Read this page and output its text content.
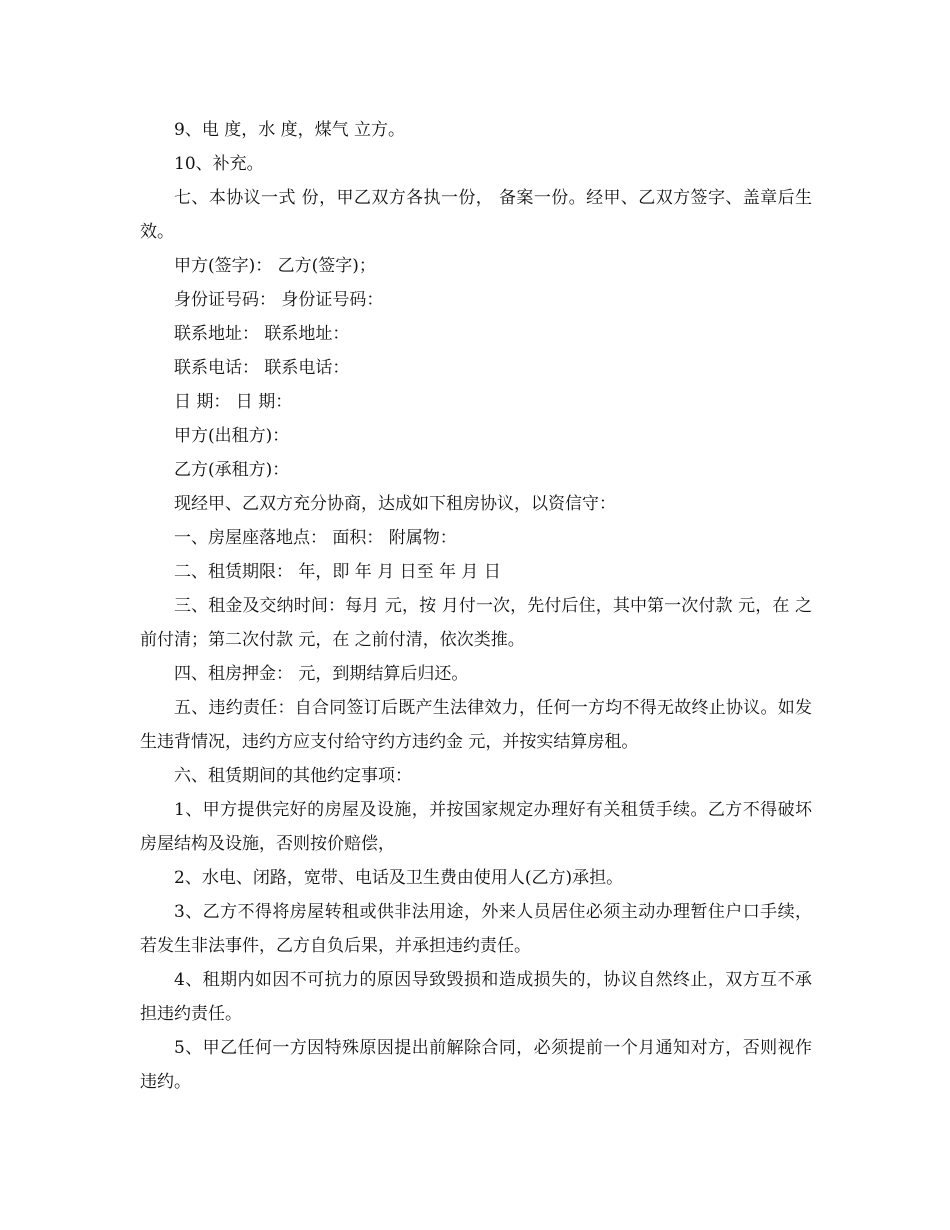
9、电 度，水 度，煤气 立方。

10、补充。

七、本协议一式 份，甲乙双方各执一份， 备案一份。经甲、乙双方签字、盖章后生效。

甲方(签字)： 乙方(签字)；

身份证号码： 身份证号码：

联系地址： 联系地址：

联系电话： 联系电话：

日 期： 日 期：

甲方(出租方)：

乙方(承租方)：

现经甲、乙双方充分协商，达成如下租房协议，以资信守：

一、房屋座落地点： 面积： 附属物：

二、租赁期限： 年，即 年 月 日至 年 月 日

三、租金及交纳时间：每月 元，按 月付一次，先付后住，其中第一次付款 元，在 之前付清；第二次付款 元，在 之前付清，依次类推。

四、租房押金： 元，到期结算后归还。

五、违约责任：自合同签订后既产生法律效力，任何一方均不得无故终止协议。如发生违背情况，违约方应支付给守约方违约金 元，并按实结算房租。

六、租赁期间的其他约定事项：

1、甲方提供完好的房屋及设施，并按国家规定办理好有关租赁手续。乙方不得破坏房屋结构及设施，否则按价赔偿，

2、水电、闭路，宽带、电话及卫生费由使用人(乙方)承担。

3、乙方不得将房屋转租或供非法用途，外来人员居住必须主动办理暂住户口手续，若发生非法事件，乙方自负后果，并承担违约责任。

4、租期内如因不可抗力的原因导致毁损和造成损失的，协议自然终止，双方互不承担违约责任。

5、甲乙任何一方因特殊原因提出前解除合同，必须提前一个月通知对方，否则视作违约。
